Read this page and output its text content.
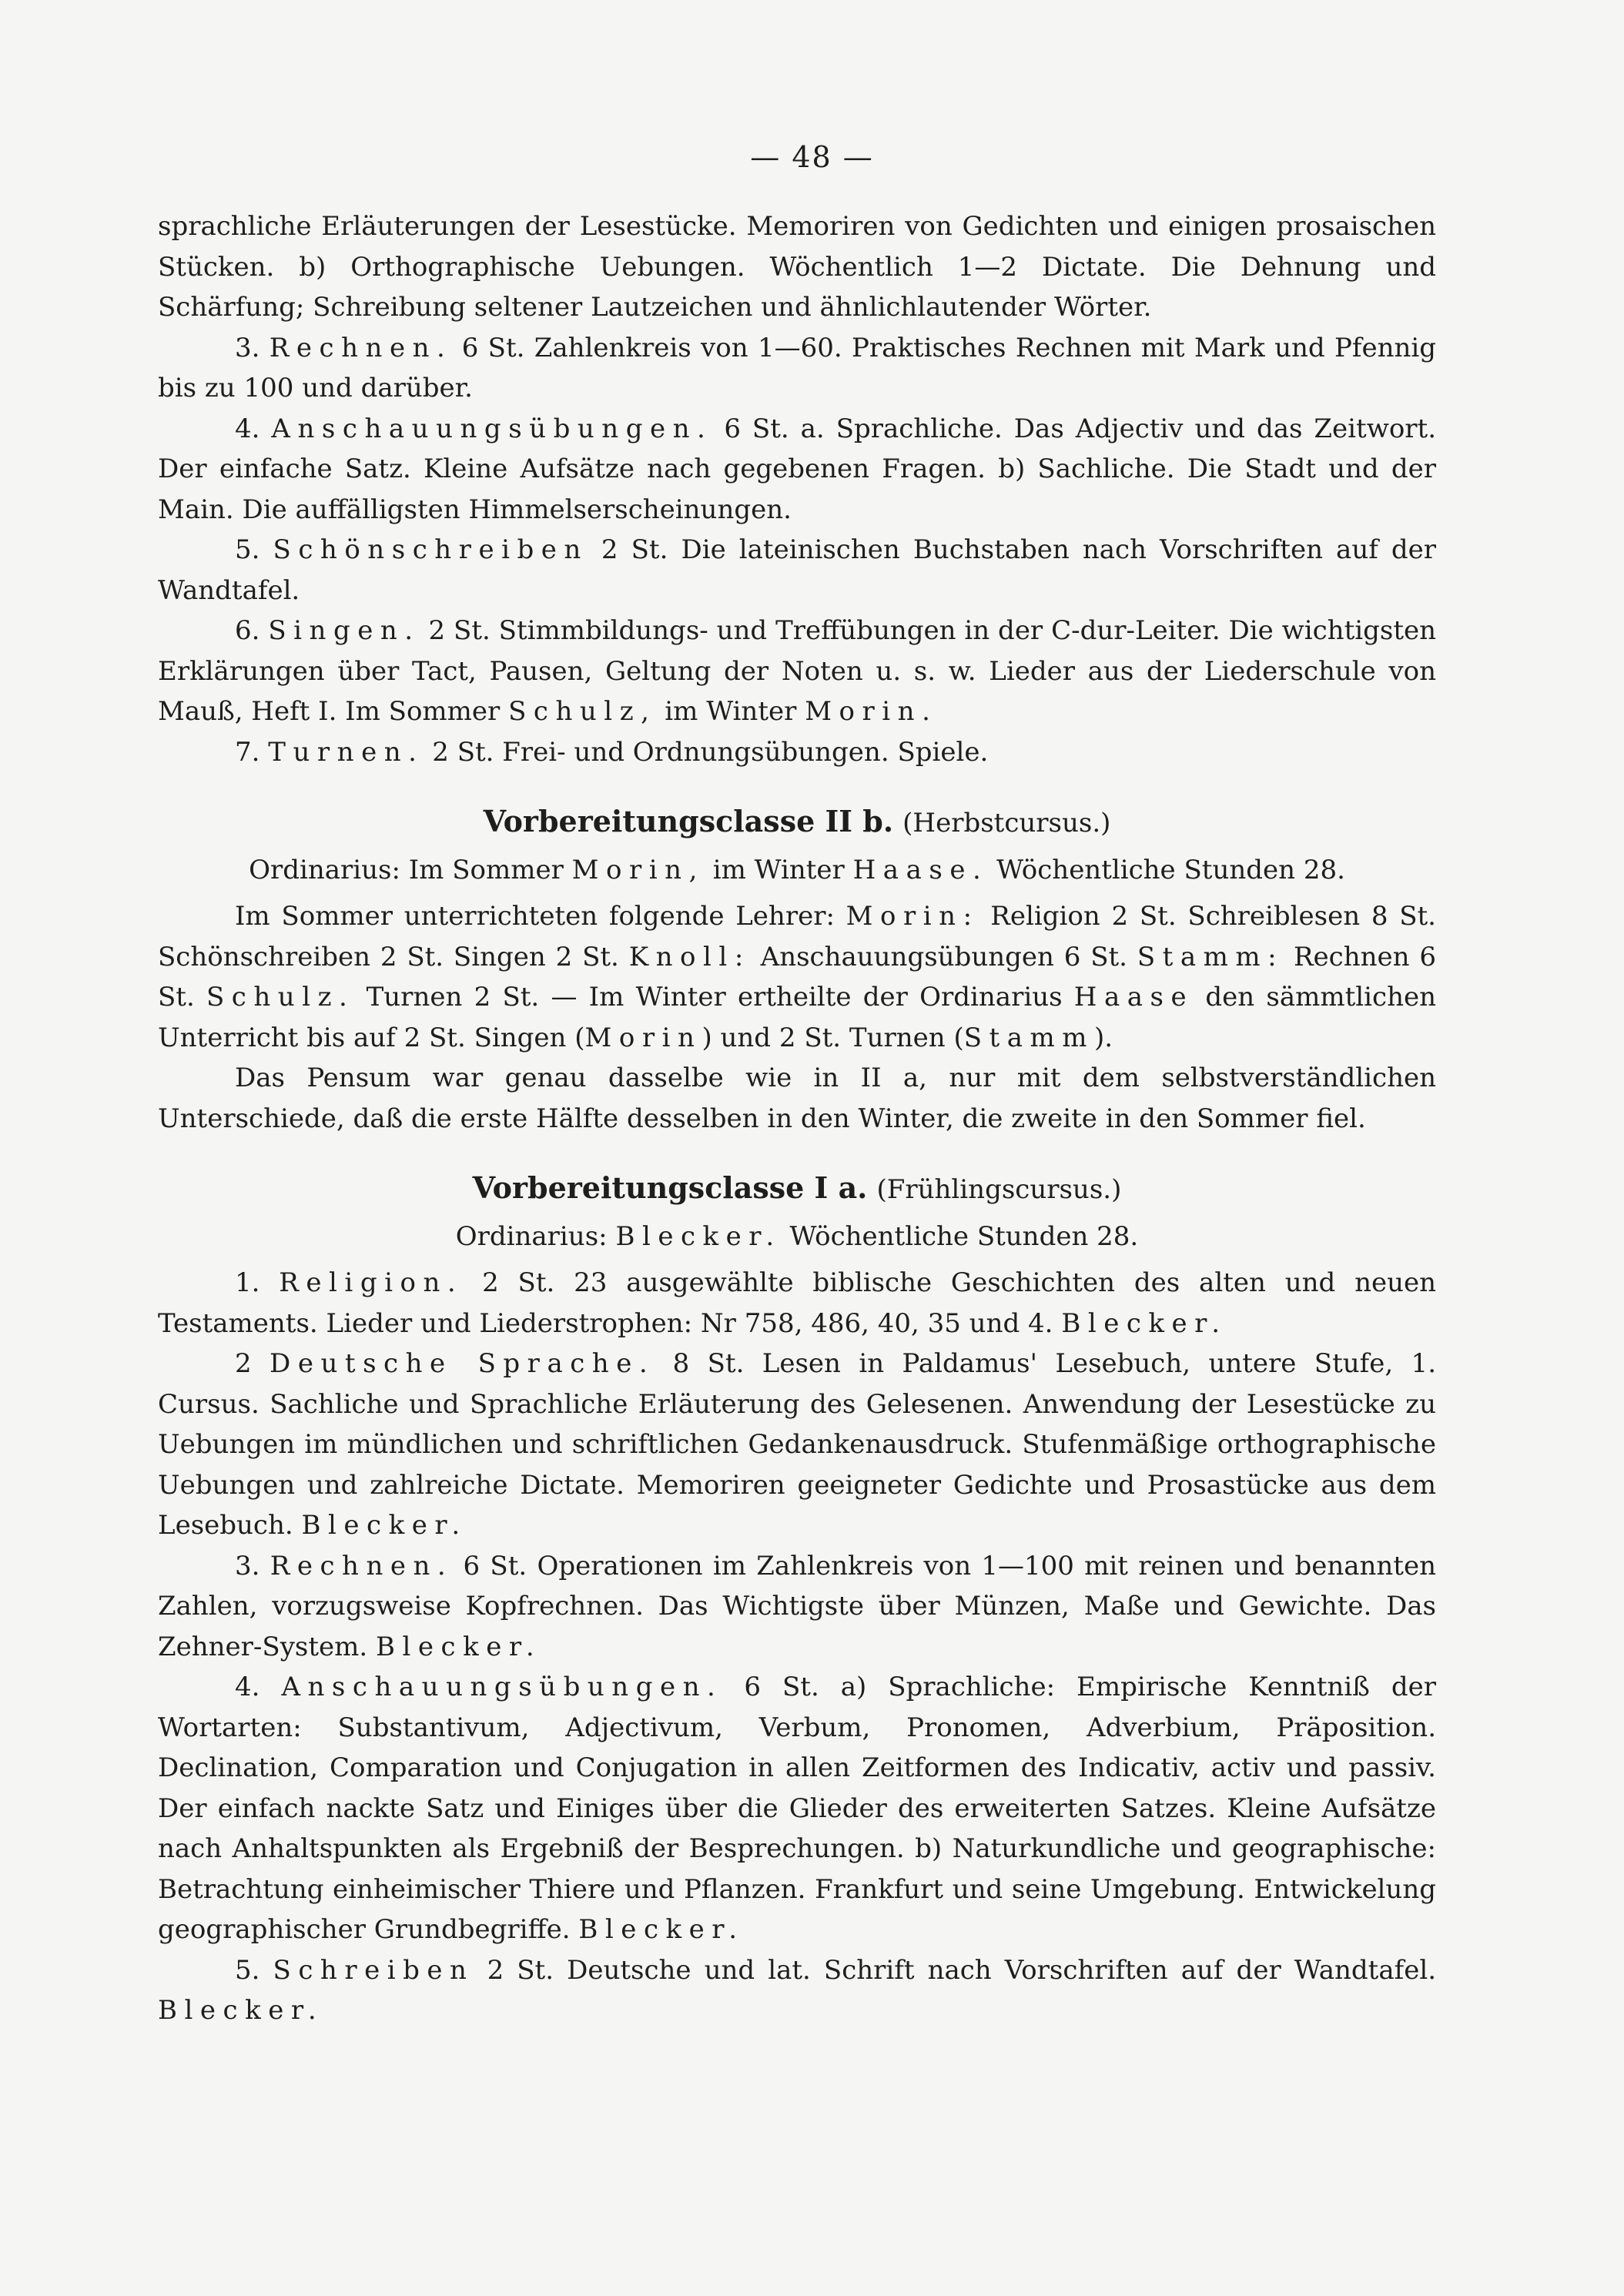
— 48 —

sprachliche Erläuterungen der Lesestücke. Memoriren von Gedichten und einigen prosaischen Stücken. b) Orthographische Uebungen. Wöchentlich 1—2 Dictate. Die Dehnung und Schärfung; Schreibung seltener Lautzeichen und ähnlichlautender Wörter.

3. Rechnen. 6 St. Zahlenkreis von 1—60. Praktisches Rechnen mit Mark und Pfennig bis zu 100 und darüber.

4. Anschauungsübungen. 6 St. a. Sprachliche. Das Adjectiv und das Zeitwort. Der einfache Satz. Kleine Aufsätze nach gegebenen Fragen. b) Sachliche. Die Stadt und der Main. Die auffälligsten Himmelserscheinungen.

5. Schönschreiben 2 St. Die lateinischen Buchstaben nach Vorschriften auf der Wandtafel.

6. Singen. 2 St. Stimmbildungs- und Treffübungen in der C-dur-Leiter. Die wichtigsten Erklärungen über Tact, Pausen, Geltung der Noten u. s. w. Lieder aus der Liederschule von Mauß, Heft I. Im Sommer Schulz, im Winter Morin.

7. Turnen. 2 St. Frei- und Ordnungsübungen. Spiele.

Vorbereitungsclasse II b. (Herbstcursus.)

Ordinarius: Im Sommer Morin, im Winter Haase. Wöchentliche Stunden 28.

Im Sommer unterrichteten folgende Lehrer: Morin: Religion 2 St. Schreiblesen 8 St. Schönschreiben 2 St. Singen 2 St. Knoll: Anschauungsübungen 6 St. Stamm: Rechnen 6 St. Schulz. Turnen 2 St. — Im Winter ertheilte der Ordinarius Haase den sämmtlichen Unterricht bis auf 2 St. Singen (Morin) und 2 St. Turnen (Stamm).

Das Pensum war genau dasselbe wie in II a, nur mit dem selbstverständlichen Unterschiede, daß die erste Hälfte desselben in den Winter, die zweite in den Sommer fiel.

Vorbereitungsclasse I a. (Frühlingscursus.)

Ordinarius: Blecker. Wöchentliche Stunden 28.

1. Religion. 2 St. 23 ausgewählte biblische Geschichten des alten und neuen Testaments. Lieder und Liederstrophen: Nr 758, 486, 40, 35 und 4. Blecker.

2 Deutsche Sprache. 8 St. Lesen in Paldamus' Lesebuch, untere Stufe, 1. Cursus. Sachliche und Sprachliche Erläuterung des Gelesenen. Anwendung der Lesestücke zu Uebungen im mündlichen und schriftlichen Gedankenausdruck. Stufenmäßige orthographische Uebungen und zahlreiche Dictate. Memoriren geeigneter Gedichte und Prosastücke aus dem Lesebuch. Blecker.

3. Rechnen. 6 St. Operationen im Zahlenkreis von 1—100 mit reinen und benannten Zahlen, vorzugsweise Kopfrechnen. Das Wichtigste über Münzen, Maße und Gewichte. Das Zehner-System. Blecker.

4. Anschauungsübungen. 6 St. a) Sprachliche: Empirische Kenntniß der Wortarten: Substantivum, Adjectivum, Verbum, Pronomen, Adverbium, Präposition. Declination, Comparation und Conjugation in allen Zeitformen des Indicativ, activ und passiv. Der einfach nackte Satz und Einiges über die Glieder des erweiterten Satzes. Kleine Aufsätze nach Anhaltspunkten als Ergebniß der Besprechungen. b) Naturkundliche und geographische: Betrachtung einheimischer Thiere und Pflanzen. Frankfurt und seine Umgebung. Entwickelung geographischer Grundbegriffe. Blecker.

5. Schreiben 2 St. Deutsche und lat. Schrift nach Vorschriften auf der Wandtafel. Blecker.
